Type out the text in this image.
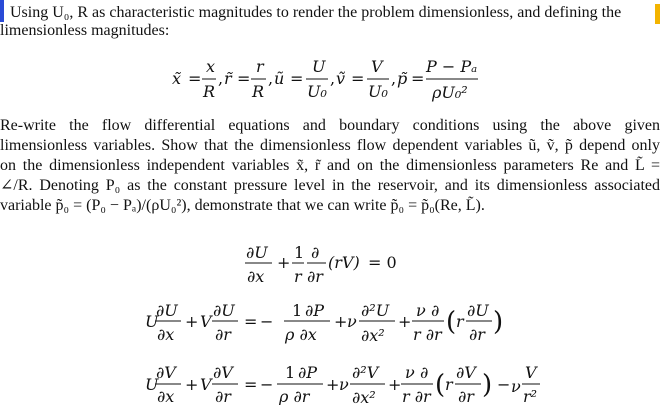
Using U₀, R as characteristic magnitudes to render the problem dimensionless, and defining the
limensionless magnitudes:
x̃ =
x
R
, r̃ =
r
R
, ũ =
U
U₀
, ṽ =
V
U₀
, p̃ =
P − Pₐ
ρU₀²
∂U
∂x
+
1
r
∂
∂r
(rV) = 0
U
∂U
∂x
+ V
∂U
∂r
= −
1 ∂P
ρ ∂x
+ ν
∂²U
∂x²
+
ν ∂
r ∂r ( r
∂U
∂r )
U
∂V
∂x
+ V
∂V
∂r
= −
1 ∂P
ρ ∂r
+ ν
∂²V
∂x²
+
ν ∂
r ∂r ( r
∂V
∂r ) − ν
V
r²
Re-write the flow differential equations and boundary conditions using the above given
limensionless variables. Show that the dimensionless flow dependent variables ũ, ṽ, p̃ depend only
on the dimensionless independent variables x̃, r̃ and on the dimensionless parameters Re and L̃ =
∠/R. Denoting P₀ as the constant pressure level in the reservoir, and its dimensionless associated
variable p̃₀ = (P₀ − Pₐ)/(ρU₀²), demonstrate that we can write p̃₀ = p̃₀(Re, L̃).
